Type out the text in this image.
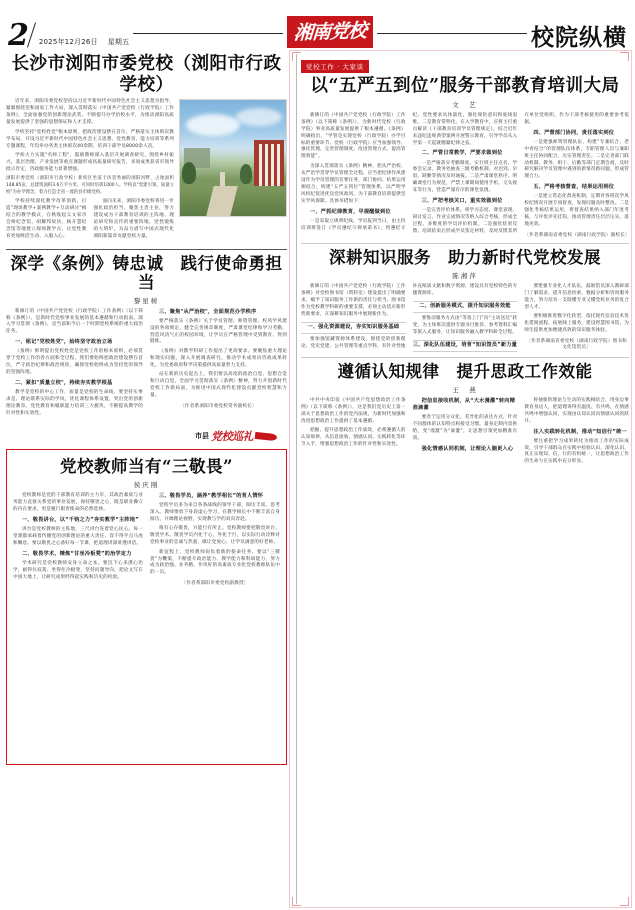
2 2025年12月26日 星期五	湘南党校	校院纵横
长沙市浏阳市委党校（浏阳市行政学校）
近年来，浏阳市委党校坚持以习近平新时代中国特色社会主义思想为指导，紧紧围绕党和国家工作大局，深入贯彻落实《中国共产党党校（行政学院）工作条例》，全面加强党的创新理论武装，不断提升办学治校水平，为推动浏阳高质量发展提供了坚强的思想保证和人才支撑。
学校坚持"党校姓党"根本原则，把政治建设摆在首位，严格落实主体班次教学布局，开设习近平新时代中国特色社会主义思想、党性教育、能力培训等系列专题课程，年均举办各类主体班次40余期，培训干部学员8000余人次。
学校大力实施"名师工程"，鼓励教师深入基层开展调查研究，围绕乡村振兴、基层治理、产业发展等重点课题形成高质量研究报告，多项成果获省市领导批示肯定，咨政服务能力显著增强。
浏阳市委党校（浏阳市行政学校）新校区坐落于风景秀丽的浏阳河畔，占地面积148.85亩，总建筑面积3.6万平方米，可同时培训1000人。学校以"党建引领、质量立校"为办学理念，着力打造全省一流的县市级党校。
学校持续深化教学改革创新，打造"现场教学+案例教学+互动研讨"相结合的教学模式，在秋收起义文家市会师纪念馆、胡耀邦故居、杨开慧纪念馆等地建立现场教学点，让党性教育更加鲜活生动、入脑入心。
面向未来，浏阳市委党校将进一步强化政治担当，聚焦主责主业，努力建设成为干部教育培训的主阵地、理论研究和宣传的重要阵地、党性锻炼的大熔炉，为奋力谱写中国式现代化浏阳新篇章贡献党校力量。
深学《条例》铸忠诚　践行使命勇担当
黎星树
新修订的《中国共产党党校（行政学院）工作条例》（以下简称《条例》），是新时代党校事业发展的基本遵循和行动指南。深入学习贯彻《条例》，是当前和今后一个时期党校系统的重大政治任务。
一、铭记"党校姓党"，始终坚守政治立场
《条例》鲜明提出党校姓党是党校工作的根本原则，必须贯穿于党校工作的各方面和全过程。我们要始终把政治建设摆在首位，严守政治纪律和政治规矩，确保党校始终成为坚持党的领导的坚强阵地。
二、紧扣"质量立校"，持续夯实教学根基
教学是党校的中心工作，质量是党校的生命线。要坚持实事求是、理论联系实际的学风，优化课程体系设置，突出党的创新理论教育、党性教育和履职能力培训三大板块，不断提高教学的针对性和实效性。
三、聚焦"从严治校"，全面规范办学秩序
要严格落实《条例》关于学员管理、师资管理、校风学风建设的各项规定，健全完善规章制度，严肃课堂纪律和学习考勤，营造风清气正的校园环境，让学员在严格管理中受到教育、得到锻炼。
《条例》对教学科研工作提出了更高要求。要聚焦重大理论和现实问题，深入开展调查研究，推动学术成果向咨政成果转化，为党委政府科学决策提供高质量智力支持。
站在新的历史起点上，我们要以高度的政治自觉、思想自觉和行动自觉，全面学习贯彻落实《条例》精神，努力开创新时代党校工作新局面，为推进中国式现代化建设贡献党校智慧和力量。
〔作者系浏阳市委党校常务副校长〕
市县 党校巡礼
党校教师当有“三敬畏”
侯庆刚
党校教师是党的干部教育培训的主力军，其政治素质与业务能力直接关系党的事业发展。保持敬畏之心，既是职业操守的内在要求，更是履行职责使命的必然选择。
一、敬畏讲台，以“千钧之力”夯实教学“主阵地”
讲台是党校教师的主阵地，三尺讲台连着党心民心。每一堂课都承载着传播党的创新理论的重大责任，容不得半点马虎和懈怠。要以敬畏之心备好每一节课，把道理讲深讲透讲活。
二、敬畏学术，锤炼“甘坐冷板凳”的治学定力
学术研究是党校教师安身立命之本。要沉下心来潜心治学，耐得住寂寞、坐得住冷板凳，坚持问题导向，把论文写在中国大地上，让研究成果经得起实践和历史的检验。
三、敬畏学员，涵养“教学相长”的育人情怀
党校学员多为来自各条战线的领导干部，阅历丰富、思考深入。教师要放下身段虚心学习，在教学相长中不断丰富自身阅历、开阔理论视野，实现教与学的双向奔赴。
唯有心存敬畏，方能行有所止。党校教师要把敬畏讲台、敬畏学术、敬畏学员内化于心、外化于行，以实际行动诠释对党校事业的忠诚与热爱，做让党放心、让学员满意的好老师。
新征程上，党校教师肩负着新的使命任务。要以“三敬畏”为鞭策，不断提升政治能力、教学能力和科研能力，努力成为政治强、业务精、作风好的高素质专业化党校教师队伍中的一员。
〔作者系邵阳市委党校副教授〕
党校工作 · 大家谈
以“五严五到位”服务干部教育培训大局
文　艺
新修订的《中国共产党党校（行政学院）工作条例》（以下简称《条例》），为新时代党校（行政学院）事业高质量发展提供了根本遵循。《条例》明确指出，“学管是实现党校（行政学院）办学目标的重要环节。党校（行政学院）应当加强领导、强化管理、完善管理制度、改进管理方式，提高管理效能”。
为深入贯彻落实《条例》精神，把从严治校、从严治学贯穿学员管理全过程，应当把纪律作风建设作为学员管理的首要任务，部门协同、结果运用相结合，构建“五严五到位”管理体系，以严明学风校纪促进优良党风政风，为干部教育培训提供坚实学风保障。具体举措如下：
一、严抓纪律教育，早提醒做到位
一是采取立规明纪线、学员报到当日，由主持培训班签订《学员遵纪守规承诺书》，将遵纪守纪、党性要求具体量化，强化规矩意识和底线思维。二是教育常明化。在入学教育中，应将主打重点解读《干部教育培训学员管理规定》，结合近年来违纪违规典型案例开展警示教育，引导学员从入学第一天起就绷紧纪律之弦。
二、严管日常教学，严要求做到位
一是严格落实考勤制度。实行班主任点名、学委会记录、教务处抽查三级考勤机制，对迟到、早退、缺勤等情况及时通报。二是严肃课堂秩序。明确课堂行为规范，严禁上课期间使用手机、交头接耳等行为，营造严谨有序的课堂氛围。
三、严把考核关口，重实效做到位
一是完善评价体系。将学习态度、课堂表现、研讨发言、作业完成情况等纳入综合考核，形成全过程、多维度的学员评价机制。二是强化结果反馈。培训结束后形成学员鉴定材料，及时反馈其所在单位党组织，作为干部考核使用的重要参考依据。
四、严督部门协同，责任落实到位
一是建强师资管理队伍，构建“专兼结合、老中青结合”的管理队伍体系，专职管理人员与兼职班主任协同配合，压实管理责任。二是完善部门联动机制，教务、组干、后勤等部门定期会商，及时研究解决学员管理中遇到的新情况新问题，形成管理合力。
五、严格考核督查，结果运用到位
一是建立常态化督查机制，定期对各班次学风校纪情况开展专项督查，发现问题及时整改。二是强化考核结果运用，将督查结果纳入部门年度考核，与评优评先挂钩，推动管理责任层层压实、落地见效。
〔作者系湖南省委党校（湖南行政学院）副校长〕
深耕知识服务　助力新时代党校发展
陈湘萍
新修订的《中国共产党党校（行政学院）工作条例》对党校图书馆（资料室）建设提出了明确要求，赋予了知识服务工作新的责任与担当。图书馆作为党校教学科研的重要支撑，必须主动适应新形势新要求，在深耕知识服务中展现新作为。
一、强化资源建设，夯实知识服务基础
要加强馆藏资源体系建设，围绕党的创新理论、党史党建、公共管理等重点学科，有针对性地补充纸质文献和数字资源，建设具有党校特色的专题资源库。
二、创新服务模式，提升知识服务效能
要推动服务方式由“等客上门”向“主动送达”转变，为主体班次提供专题书目推荐、参考资料汇编等嵌入式服务，让知识服务融入教学科研全过程。
三、深化队伍建设，培育“知识馆员”新力量
要建强专业化人才队伍，鼓励馆员深入教研部门了解需求，提升信息检索、数据分析和咨询服务能力，努力培育一支既懂专业又懂党校业务的复合型人才。
要积极推进数字化转型，依托现代信息技术优化借阅流程、拓展线上服务，建设智慧图书馆，为师生提供更加便捷高效的知识服务体验。
〔作者系湖南省委党校（湖南行政学院）图书和文化馆馆员〕
遵循认知规律　提升思政工作效能
王　燕
中共中央印发《中国共产党思想政治工作条例》（以下简称《条例》），这是我们党历史上第一部关于思想政治工作的党内法规，为新时代加强和改进思想政治工作提供了基本遵循。
把握、提升思想政治工作质效，必须遵循人的认知规律，从信息接收、情感认同、实践转化等环节入手，增强思想政治工作的针对性和实效性。
把信息接收机制，从“大水漫灌”转向精准滴灌
要善于运用分众化、差异化的表达方式，针对不同群体的认知特点和接受习惯，量身定制内容供给，变“漫灌”为“滴灌”，让思想引领更加精准有效。
强化情感认同机制，让理论入脑更入心
将抽象的理论与生动的实践相结合，用身边事教育身边人，把道理讲得有温度、有共鸣，在情感共鸣中增强认同，实现由认知认同向情感认同的跃升。
注入实践转化机制，推动“知信行”统一
要注重把学习成果转化为推动工作的实际成效，引导干部群众在实践中检验认识、深化认识，真正实现知、信、行的有机统一，让思想政治工作的生命力在实践中充分彰显。
